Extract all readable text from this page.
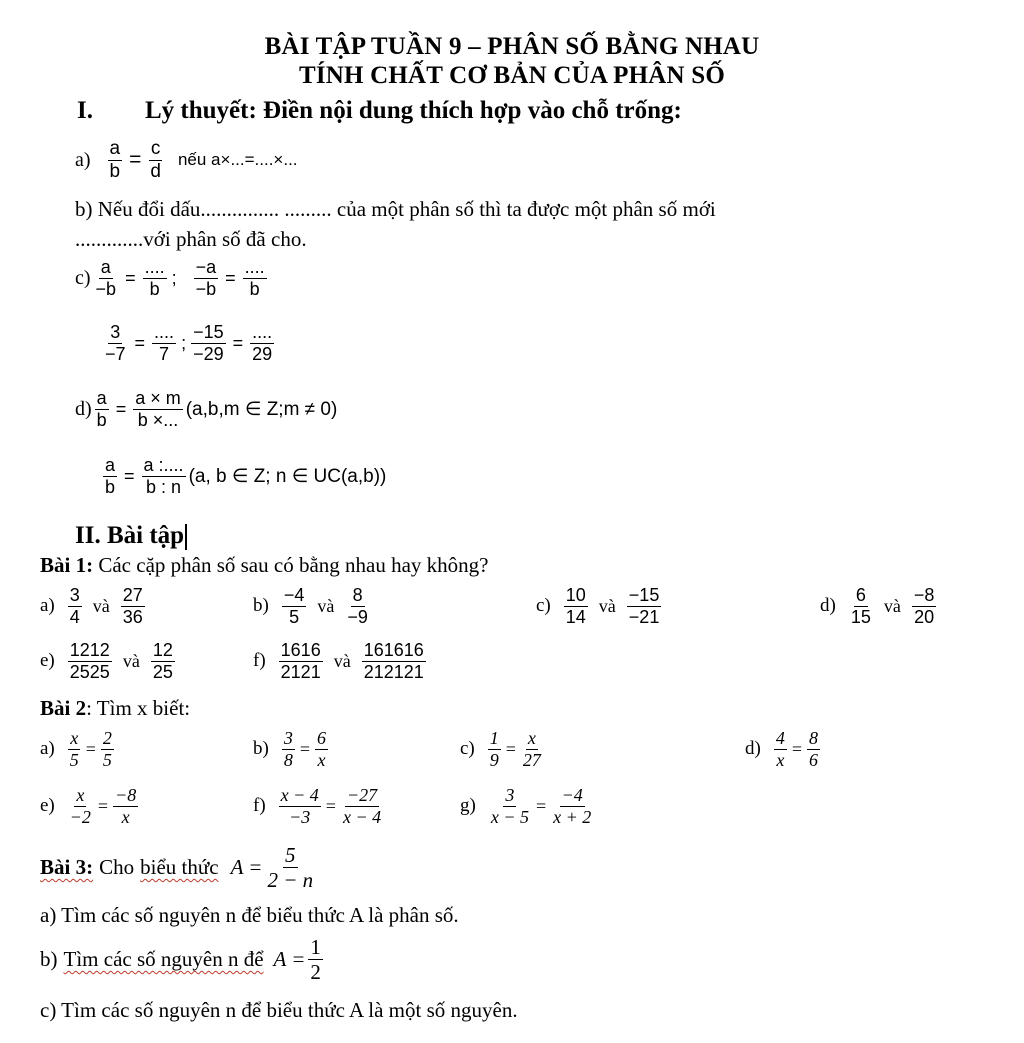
BÀI TẬP TUẦN 9 – PHÂN SỐ BẰNG NHAU
TÍNH CHẤT CƠ BẢN CỦA PHÂN SỐ
I. Lý thuyết: Điền nội dung thích hợp vào chỗ trống:
$a) \frac{a}{b} = \frac{c}{d}$ nếu a×...=....×...
b) Nếu đổi dấu............... ......... của một phân số thì ta được một phân số mới
.............với phân số đã cho.
$c) \frac{a}{-b}$ =
....
b
; $\frac{-a}{-b}$ =
....
b
$\frac{3}{-7}$ =
....
7
; $\frac{-15}{-29}$ =
....
29
$d) \frac{a}{b} = \frac{a \times m}{b \times...} (a,b,m$ ∈ Z;m ≠ 0)
$\frac{a}{b} = \frac{a :....}{b : n} (a$, b ∈ Z; n ∈ UC(a,b))
II. Bài tập
Bài 1: Các cặp phân số sau có bằng nhau hay không?
$a) \frac{3}{4}$ và $\frac{27}{36}$	$b) \frac{-4}{5}$ và $\frac{8}{-9}$	$c) \frac{10}{14}$ và $\frac{-15}{-21}$	$d) \frac{6}{15}$ và $\frac{-8}{20}$
$e) \frac{1212}{2525}$ và $\frac{12}{25}$	$f) \frac{1616}{2121}$ và $\frac{161616}{212121}$
Bài 2: Tìm x biết:
$a) \frac{x}{5} = \frac{2}{5}$	$b) \frac{3}{8} = \frac{6}{x}$	$c) \frac{1}{9} = \frac{x}{27}$	$d) \frac{4}{x} = \frac{8}{6}$
$e) \frac{x}{-2} = \frac{-8}{x}$	$f) \frac{x - 4}{-3} = \frac{-27}{x - 4}$	$g) \frac{3}{x - 5} = \frac{-4}{x + 2}$
Bài 3: Cho biểu thức $A = \frac{5}{2 - n}$
a) Tìm các số nguyên n để biểu thức A là phân số.
b) Tìm các số nguyên n để $A = \frac{1}{2}$
c) Tìm các số nguyên n để biểu thức A là một số nguyên.
